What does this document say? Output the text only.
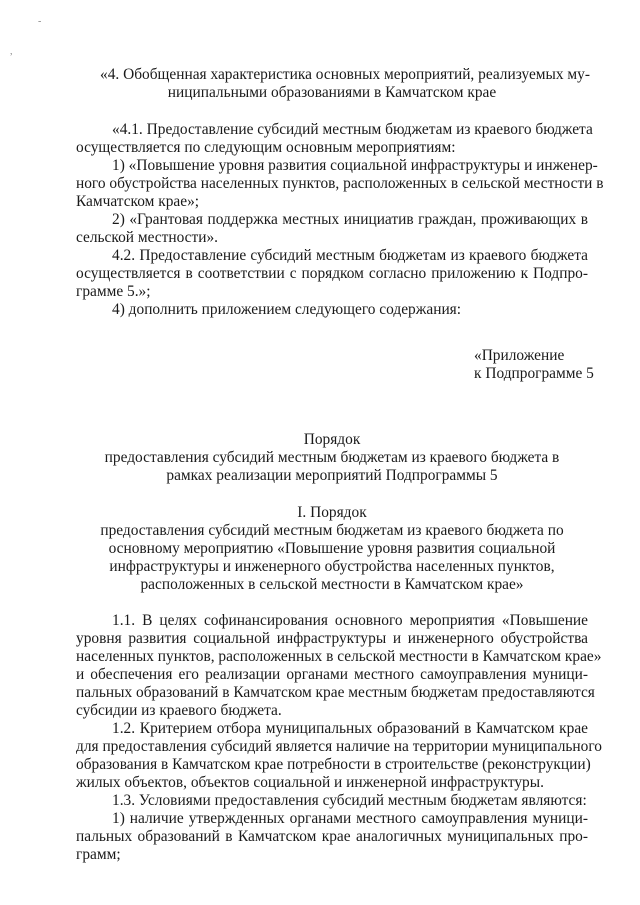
-
,

«4. Обобщенная характеристика основных мероприятий, реализуемых му-

ниципальными образованиями в Камчатском крае

«4.1. Предоставление субсидий местным бюджетам из краевого бюджета

осуществляется по следующим основным мероприятиям:

1) «Повышение уровня развития социальной инфраструктуры и инженер-

ного обустройства населенных пунктов, расположенных в сельской местности в

Камчатском крае»;

2) «Грантовая поддержка местных инициатив граждан, проживающих в

сельской местности».

4.2. Предоставление субсидий местным бюджетам из краевого бюджета

осуществляется в соответствии с порядком согласно приложению к Подпро-

грамме 5.»;

4) дополнить приложением следующего содержания:

«Приложение

к Подпрограмме 5

Порядок

предоставления субсидий местным бюджетам из краевого бюджета в

рамках реализации мероприятий Подпрограммы 5

I. Порядок

предоставления субсидий местным бюджетам из краевого бюджета по

основному мероприятию «Повышение уровня развития социальной

инфраструктуры и инженерного обустройства населенных пунктов,

расположенных в сельской местности в Камчатском крае»

1.1. В целях софинансирования основного мероприятия «Повышение

уровня развития социальной инфраструктуры и инженерного обустройства

населенных пунктов, расположенных в сельской местности в Камчатском крае»

и обеспечения его реализации органами местного самоуправления муници-

пальных образований в Камчатском крае местным бюджетам предоставляются

субсидии из краевого бюджета.

1.2. Критерием отбора муниципальных образований в Камчатском крае

для предоставления субсидий является наличие на территории муниципального

образования в Камчатском крае потребности в строительстве (реконструкции)

жилых объектов, объектов социальной и инженерной инфраструктуры.

1.3. Условиями предоставления субсидий местным бюджетам являются:

1) наличие утвержденных органами местного самоуправления муници-

пальных образований в Камчатском крае аналогичных муниципальных про-

грамм;
